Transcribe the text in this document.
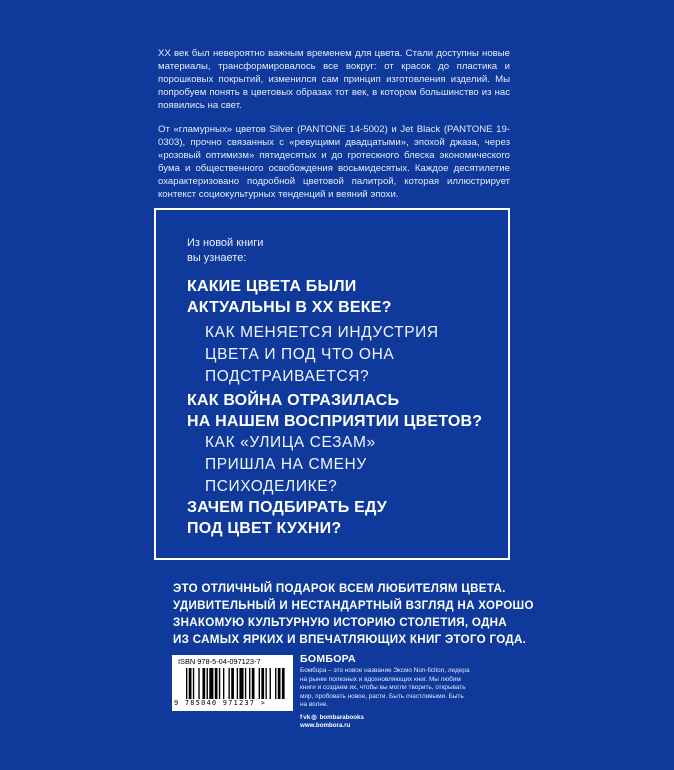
XX век был невероятно важным временем для цвета. Стали доступны новые материалы, трансформировалось все вокруг: от красок до пластика и порошковых покрытий, изменился сам принцип изготовления изделий. Мы попробуем понять в цветовых образах тот век, в котором большинство из нас появились на свет.

От «гламурных» цветов Silver (PANTONE 14-5002) и Jet Black (PANTONE 19-0303), прочно связанных с «ревущими двадцатыми», эпохой джаза, через «розовый оптимизм» пятидесятых и до гротескного блеска экономического бума и общественного освобождения восьмидесятых. Каждое десятилетие охарактеризовано подробной цветовой палитрой, которая иллюстрирует контекст социокультурных тенденций и веяний эпохи.

Из новой книги
вы узнаете:
КАКИЕ ЦВЕТА БЫЛИ
АКТУАЛЬНЫ В XX ВЕКЕ?
КАК МЕНЯЕТСЯ ИНДУСТРИЯ
ЦВЕТА И ПОД ЧТО ОНА
ПОДСТРАИВАЕТСЯ?
КАК ВОЙНА ОТРАЗИЛАСЬ
НА НАШЕМ ВОСПРИЯТИИ ЦВЕТОВ?
КАК «УЛИЦА СЕЗАМ»
ПРИШЛА НА СМЕНУ
ПСИХОДЕЛИКЕ?
ЗАЧЕМ ПОДБИРАТЬ ЕДУ
ПОД ЦВЕТ КУХНИ?
ЭТО ОТЛИЧНЫЙ ПОДАРОК ВСЕМ ЛЮБИТЕЛЯМ ЦВЕТА.
УДИВИТЕЛЬНЫЙ И НЕСТАНДАРТНЫЙ ВЗГЛЯД НА ХОРОШО
ЗНАКОМУЮ КУЛЬТУРНУЮ ИСТОРИЮ СТОЛЕТИЯ, ОДНА
ИЗ САМЫХ ЯРКИХ И ВПЕЧАТЛЯЮЩИХ КНИГ ЭТОГО ГОДА.
ISBN 978-5-04-097123-7
9 785040 971237 >
БОМБОРА

Бомбора – это новое название Эксмо Non-fiction, лидера на рынке полезных и вдохновляющих книг. Мы любим книги и создаем их, чтобы вы могли творить, открывать мир, пробовать новое, расти. Быть счастливыми. Быть на волне.

fvk◎ bombarabooks
www.bombora.ru
